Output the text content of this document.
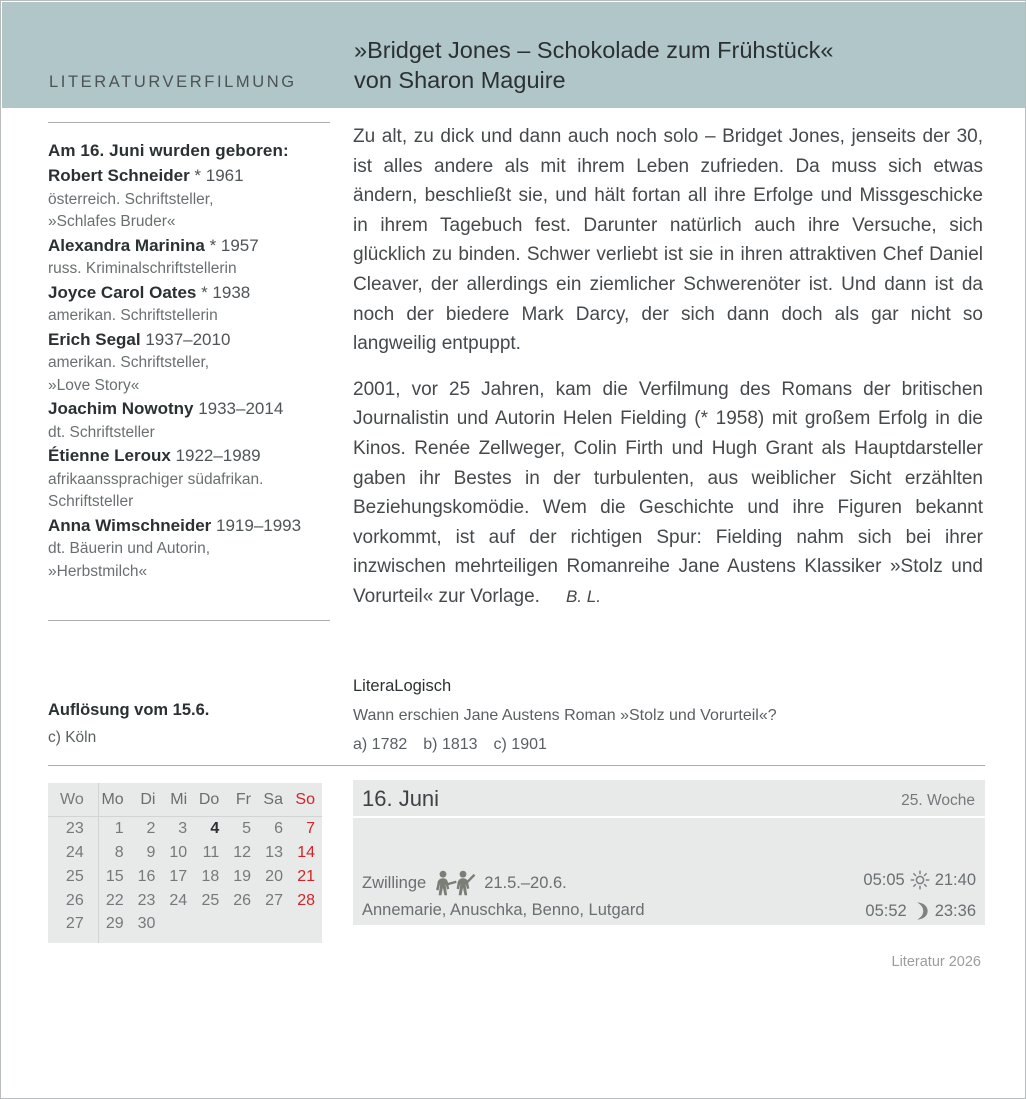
LITERATURVERFILMUNG
»Bridget Jones – Schokolade zum Frühstück«
von Sharon Maguire
Am 16. Juni wurden geboren:
Robert Schneider * 1961
österreich. Schriftsteller,
»Schlafes Bruder«
Alexandra Marinina * 1957
russ. Kriminalschriftstellerin
Joyce Carol Oates * 1938
amerikan. Schriftstellerin
Erich Segal 1937–2010
amerikan. Schriftsteller,
»Love Story«
Joachim Nowotny 1933–2014
dt. Schriftsteller
Étienne Leroux 1922–1989
afrikaanssprachiger südafrikan.
Schriftsteller
Anna Wimschneider 1919–1993
dt. Bäuerin und Autorin,
»Herbstmilch«
Auflösung vom 15.6.
c) Köln

Zu alt, zu dick und dann auch noch solo – Bridget Jones, jenseits der 30, ist alles andere als mit ihrem Leben zufrieden. Da muss sich etwas ändern, beschließt sie, und hält fortan all ihre Erfolge und Missgeschicke in ihrem Tagebuch fest. Darunter natürlich auch ihre Versuche, sich glücklich zu binden. Schwer verliebt ist sie in ihren attraktiven Chef Daniel Cleaver, der allerdings ein ziemlicher Schwerenöter ist. Und dann ist da noch der biedere Mark Darcy, der sich dann doch als gar nicht so langweilig entpuppt.

2001, vor 25 Jahren, kam die Verfilmung des Romans der britischen Journalistin und Autorin Helen Fielding (* 1958) mit großem Erfolg in die Kinos. Renée Zellweger, Colin Firth und Hugh Grant als Hauptdarsteller gaben ihr Bestes in der turbulenten, aus weiblicher Sicht erzählten Beziehungskomödie. Wem die Geschichte und ihre Figuren bekannt vorkommt, ist auf der richtigen Spur: Fielding nahm sich bei ihrer inzwischen mehrteiligen Romanreihe Jane Austens Klassiker »Stolz und Vorurteil« zur Vorlage. B. L.

LiteraLogisch
Wann erschien Jane Austens Roman »Stolz und Vorurteil«?
a) 1782 b) 1813 c) 1901
Wo	Mo	Di	Mi	Do	Fr	Sa	So
23	1	2	3	4	5	6	7
24	8	9	10	11	12	13	14
25	15	16	17	18	19	20	21
26	22	23	24	25	26	27	28
27	29	30					
16. Juni	25. Woche
Zwillinge	21.5.–20.6.
Annemarie, Anuschka, Benno, Lutgard
05:05 21:40
05:52 23:36
Literatur 2026
